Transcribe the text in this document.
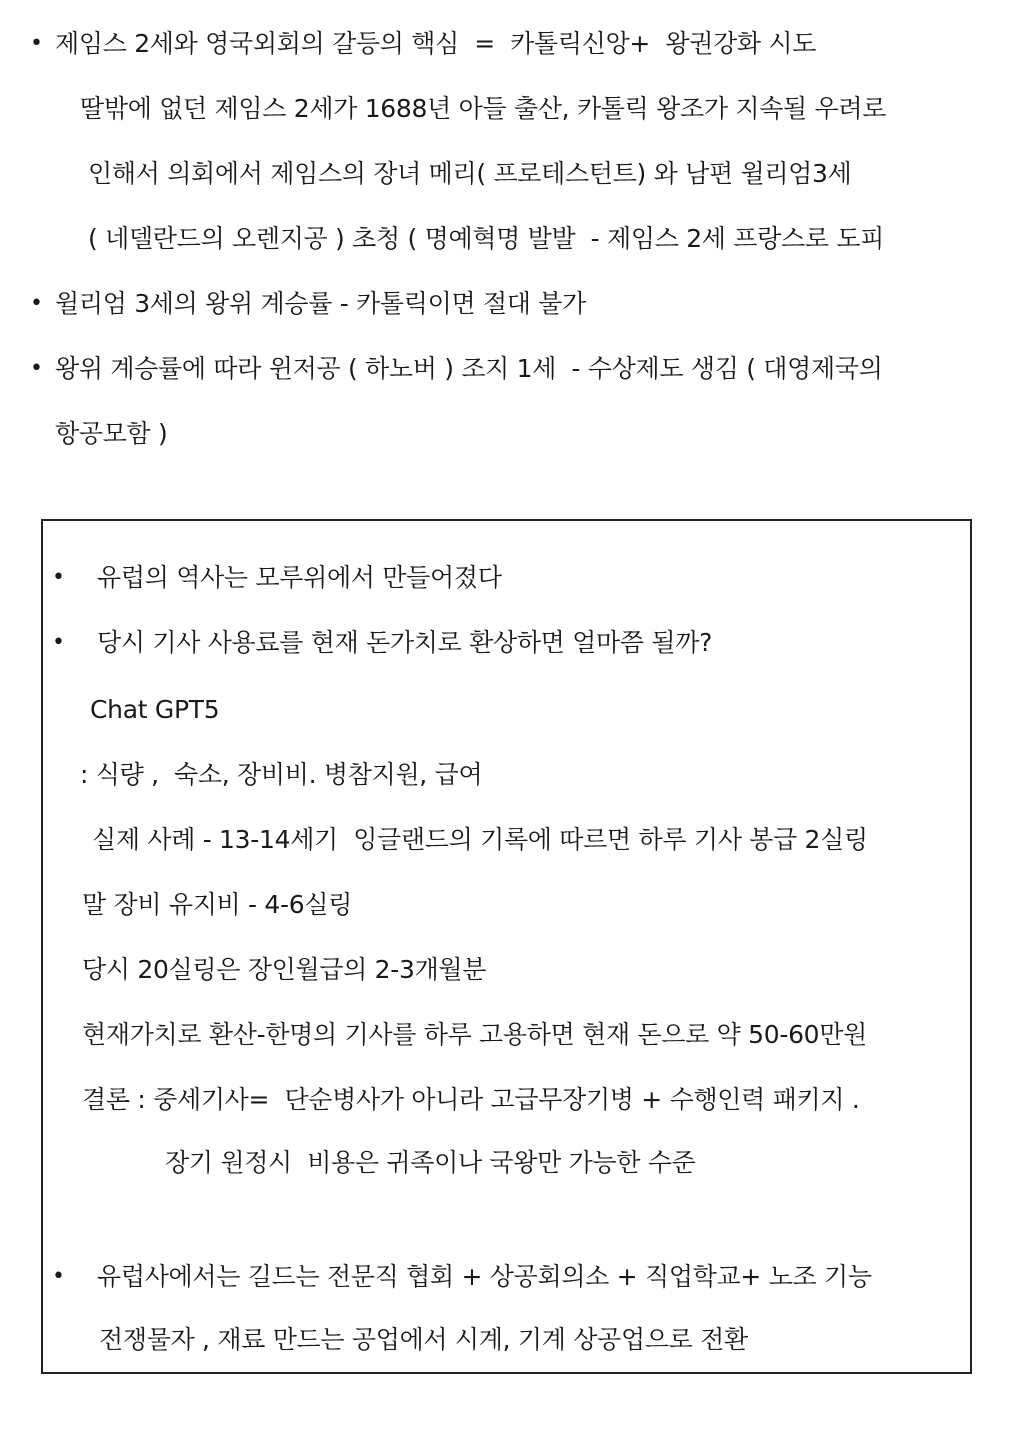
• 제임스 2세와 영국외회의 갈등의 핵심  =  카톨릭신앙+  왕권강화 시도
딸밖에 없던 제임스 2세가 1688년 아들 출산, 카톨릭 왕조가 지속될 우려로
인해서 의회에서 제임스의 장녀 메리( 프로테스턴트) 와 남편 윌리엄3세
( 네델란드의 오렌지공 ) 초청 ( 명예혁명 발발  - 제임스 2세 프랑스로 도피
• 윌리엄 3세의 왕위 계승률 - 카톨릭이면 절대 불가
• 왕위 계승률에 따라 윈저공 ( 하노버 ) 조지 1세  - 수상제도 생김 ( 대영제국의
항공모함 )
• 유럽의 역사는 모루위에서 만들어졌다
• 당시 기사 사용료를 현재 돈가치로 환상하면 얼마쯤 될까?
Chat GPT5
: 식량 ,  숙소, 장비비. 병참지원, 급여
실제 사례 - 13-14세기  잉글랜드의 기록에 따르면 하루 기사 봉급 2실링
말 장비 유지비 - 4-6실링
당시 20실링은 장인월급의 2-3개월분
현재가치로 환산-한명의 기사를 하루 고용하면 현재 돈으로 약 50-60만원
결론 : 중세기사=  단순병사가 아니라 고급무장기병 + 수행인력 패키지 .
장기 원정시  비용은 귀족이나 국왕만 가능한 수준
• 유럽사에서는 길드는 전문직 협회 + 상공회의소 + 직업학교+ 노조 기능
전쟁물자 , 재료 만드는 공업에서 시계, 기계 상공업으로 전환
